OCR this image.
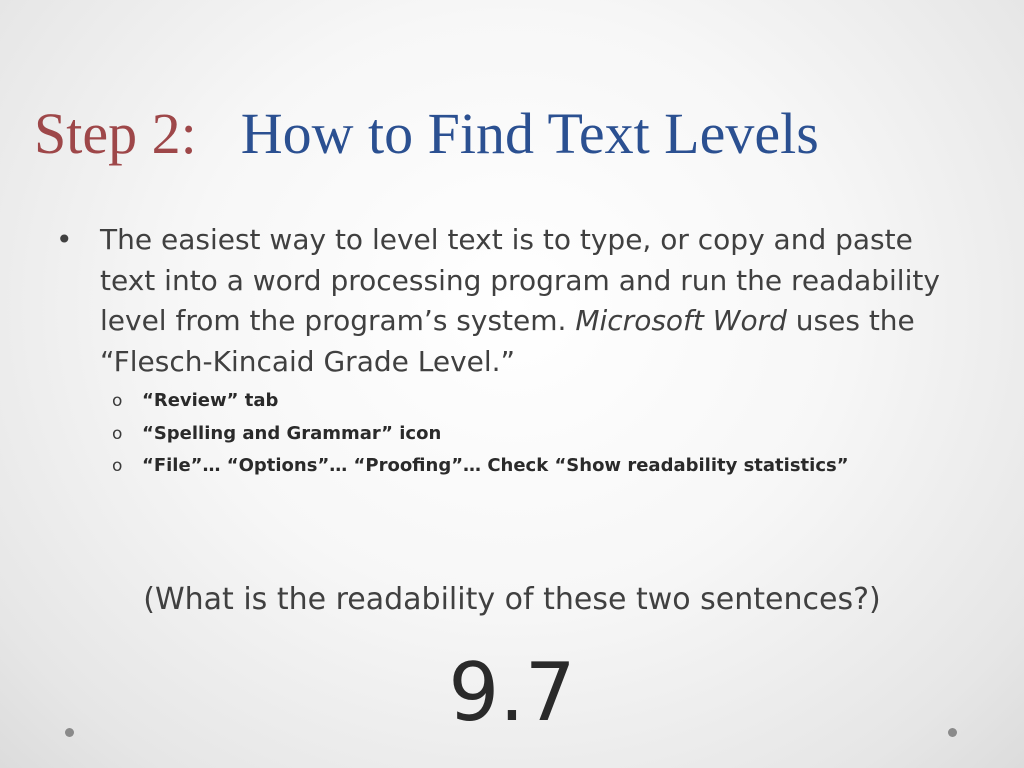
Step 2: How to Find Text Levels
• The easiest way to level text is to type, or copy and paste text into a word processing program and run the readability level from the program’s system. Microsoft Word uses the “Flesch-Kincaid Grade Level.”
o	“Review” tab
o	“Spelling and Grammar” icon
o	“File”… “Options”… “Proofing”… Check “Show readability statistics”
(What is the readability of these two sentences?)
9.7
